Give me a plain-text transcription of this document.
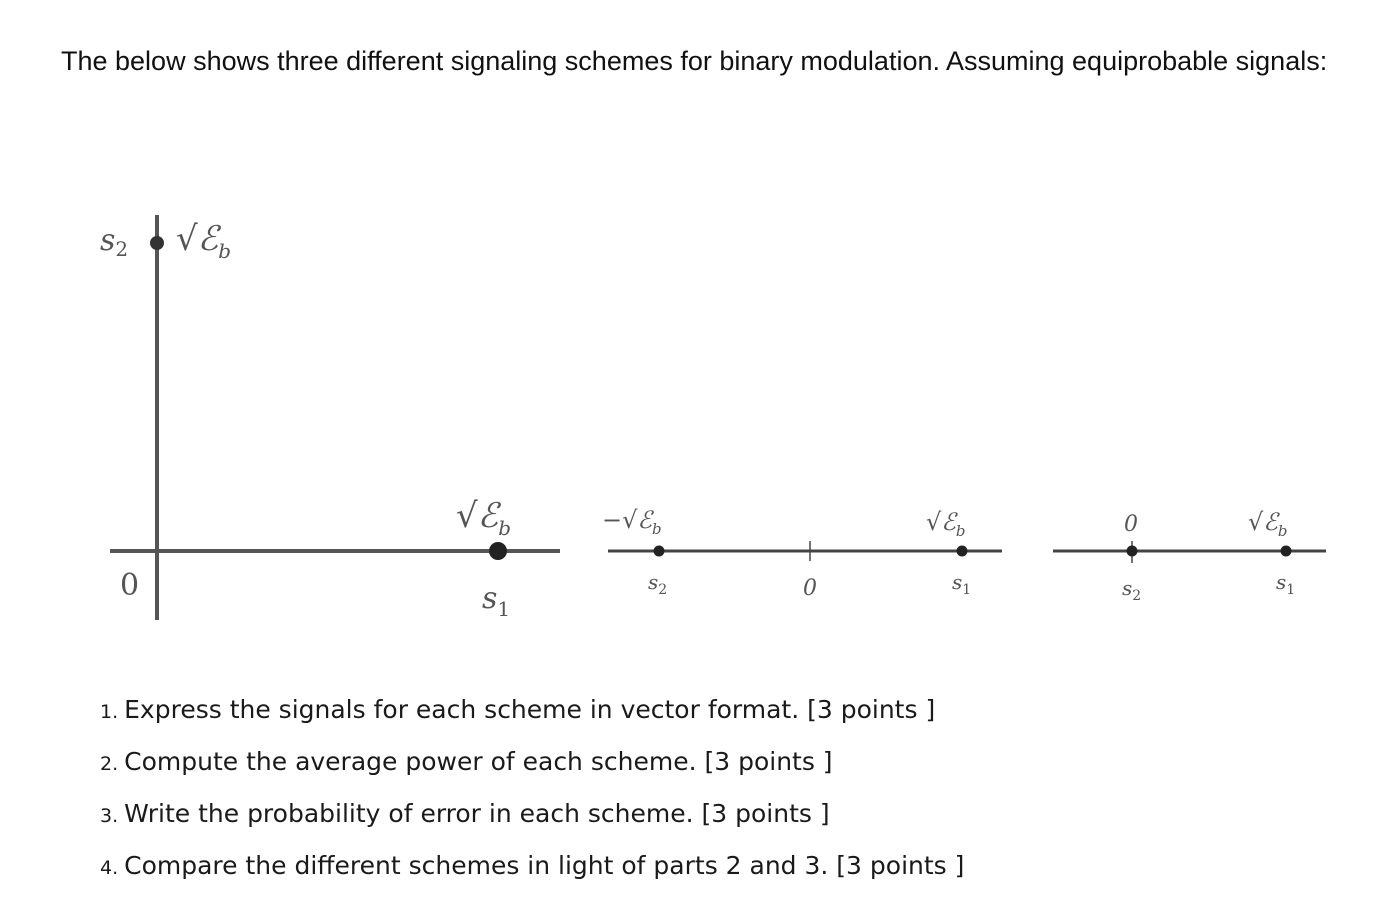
The below shows three different signaling schemes for binary modulation. Assuming equiprobable signals:

0
$s_2$ √ℰ$_b$
√ℰ$_b$
$s_1$
−√ℰ$_b$	√ℰ$_b$
$s_2$	0	$s_1$
0	√ℰ$_b$
$s_2$
$s_1$
1. Express the signals for each scheme in vector format. [3 points ]
2. Compute the average power of each scheme. [3 points ]
3. Write the probability of error in each scheme. [3 points ]
4. Compare the different schemes in light of parts 2 and 3. [3 points ]
